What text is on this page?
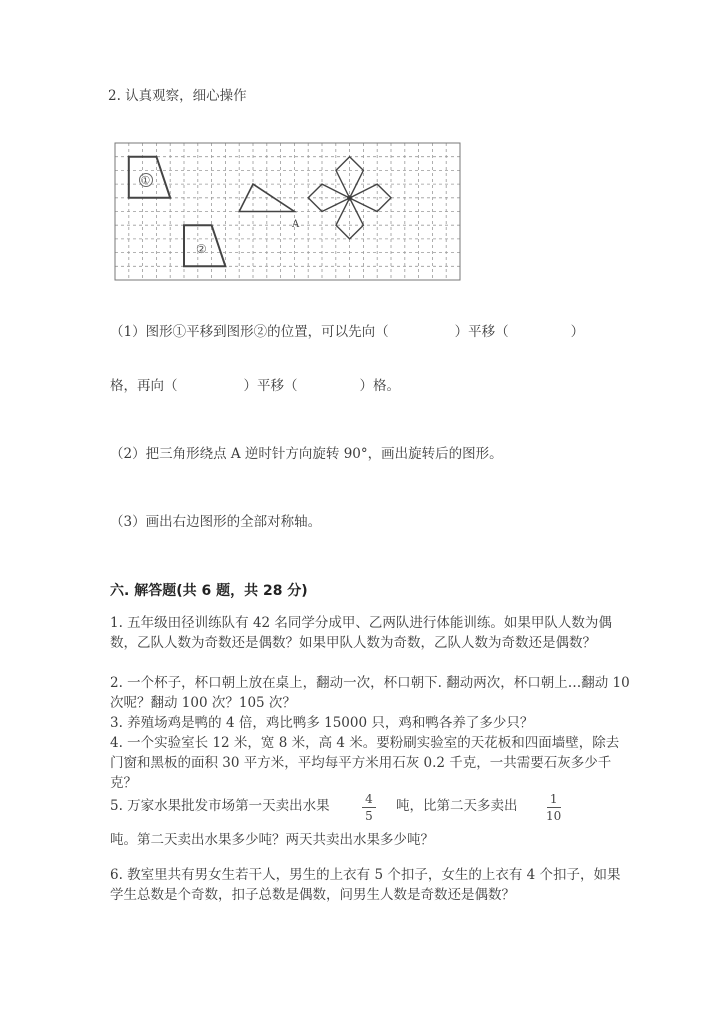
2. 认真观察，细心操作
①
②
A
（1）图形①平移到图形②的位置，可以先向（	）平移（	）
格，再向（	）平移（	）格。
（2）把三角形绕点 A 逆时针方向旋转 90°，画出旋转后的图形。
（3）画出右边图形的全部对称轴。
六. 解答题(共 6 题，共 28 分)
1. 五年级田径训练队有 42 名同学分成甲、乙两队进行体能训练。如果甲队人数为偶数，乙队人数为奇数还是偶数？如果甲队人数为奇数，乙队人数为奇数还是偶数？
2. 一个杯子，杯口朝上放在桌上，翻动一次，杯口朝下. 翻动两次，杯口朝上…翻动 10 次呢？翻动 100 次？105 次？
3. 养殖场鸡是鸭的 4 倍，鸡比鸭多 15000 只，鸡和鸭各养了多少只？
4. 一个实验室长 12 米，宽 8 米，高 4 米。要粉刷实验室的天花板和四面墙壁，除去门窗和黑板的面积 30 平方米，平均每平方米用石灰 0.2 千克，一共需要石灰多少千克？
5. 万家水果批发市场第一天卖出水果	4
5
吨，比第二天多卖出	1
10
吨。第二天卖出水果多少吨？两天共卖出水果多少吨？
6. 教室里共有男女生若干人，男生的上衣有 5 个扣子，女生的上衣有 4 个扣子，如果学生总数是个奇数，扣子总数是偶数，问男生人数是奇数还是偶数？
